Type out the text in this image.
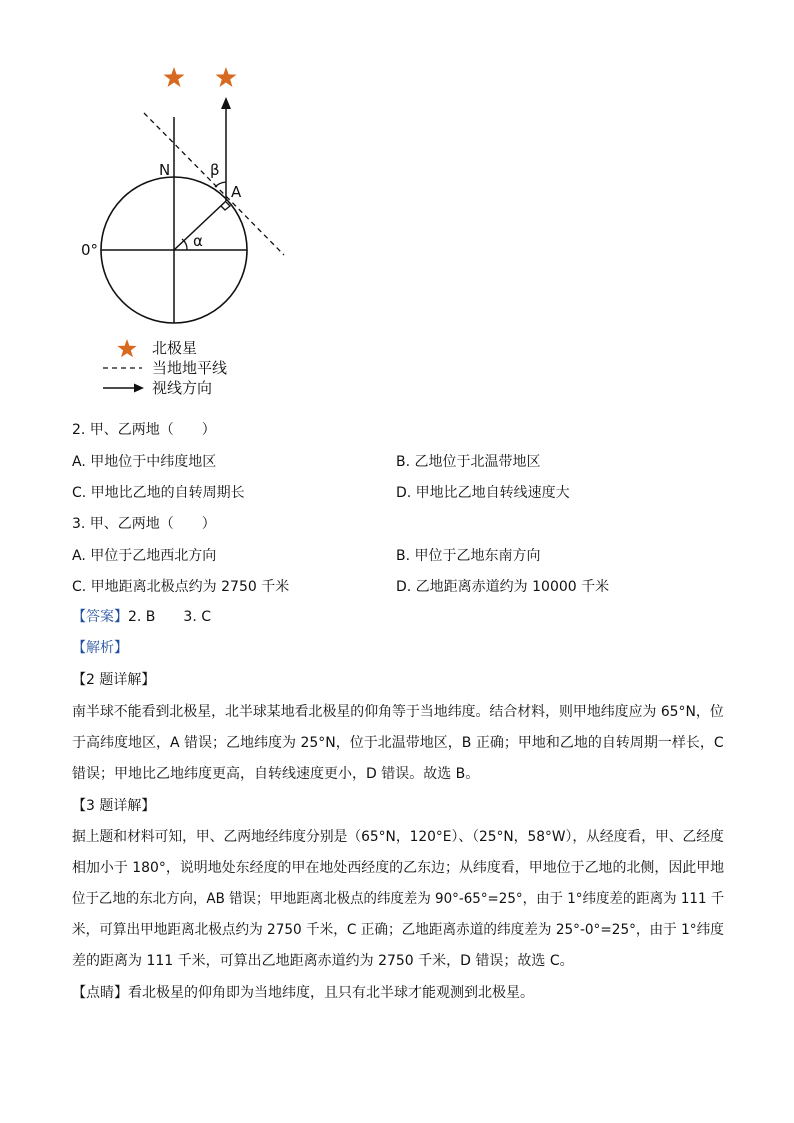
N
0°
A
β
α
北极星
当地地平线
视线方向
2. 甲、乙两地（　　）
A. 甲地位于中纬度地区	B. 乙地位于北温带地区
C. 甲地比乙地的自转周期长	D. 甲地比乙地自转线速度大
3. 甲、乙两地（　　）
A. 甲位于乙地西北方向	B. 甲位于乙地东南方向
C. 甲地距离北极点约为 2750 千米	D. 乙地距离赤道约为 10000 千米
【答案】2. B　　3. C
【解析】
【2 题详解】
南半球不能看到北极星，北半球某地看北极星的仰角等于当地纬度。结合材料，则甲地纬度应为 65°N，位
于高纬度地区，A 错误；乙地纬度为 25°N，位于北温带地区，B 正确；甲地和乙地的自转周期一样长，C
错误；甲地比乙地纬度更高，自转线速度更小，D 错误。故选 B。
【3 题详解】
据上题和材料可知，甲、乙两地经纬度分别是（65°N，120°E）、（25°N，58°W），从经度看，甲、乙经度
相加小于 180°，说明地处东经度的甲在地处西经度的乙东边；从纬度看，甲地位于乙地的北侧，因此甲地
位于乙地的东北方向，AB 错误；甲地距离北极点的纬度差为 90°-65°=25°，由于 1°纬度差的距离为 111 千
米，可算出甲地距离北极点约为 2750 千米，C 正确；乙地距离赤道的纬度差为 25°-0°=25°，由于 1°纬度
差的距离为 111 千米，可算出乙地距离赤道约为 2750 千米，D 错误；故选 C。
【点睛】看北极星的仰角即为当地纬度，且只有北半球才能观测到北极星。
